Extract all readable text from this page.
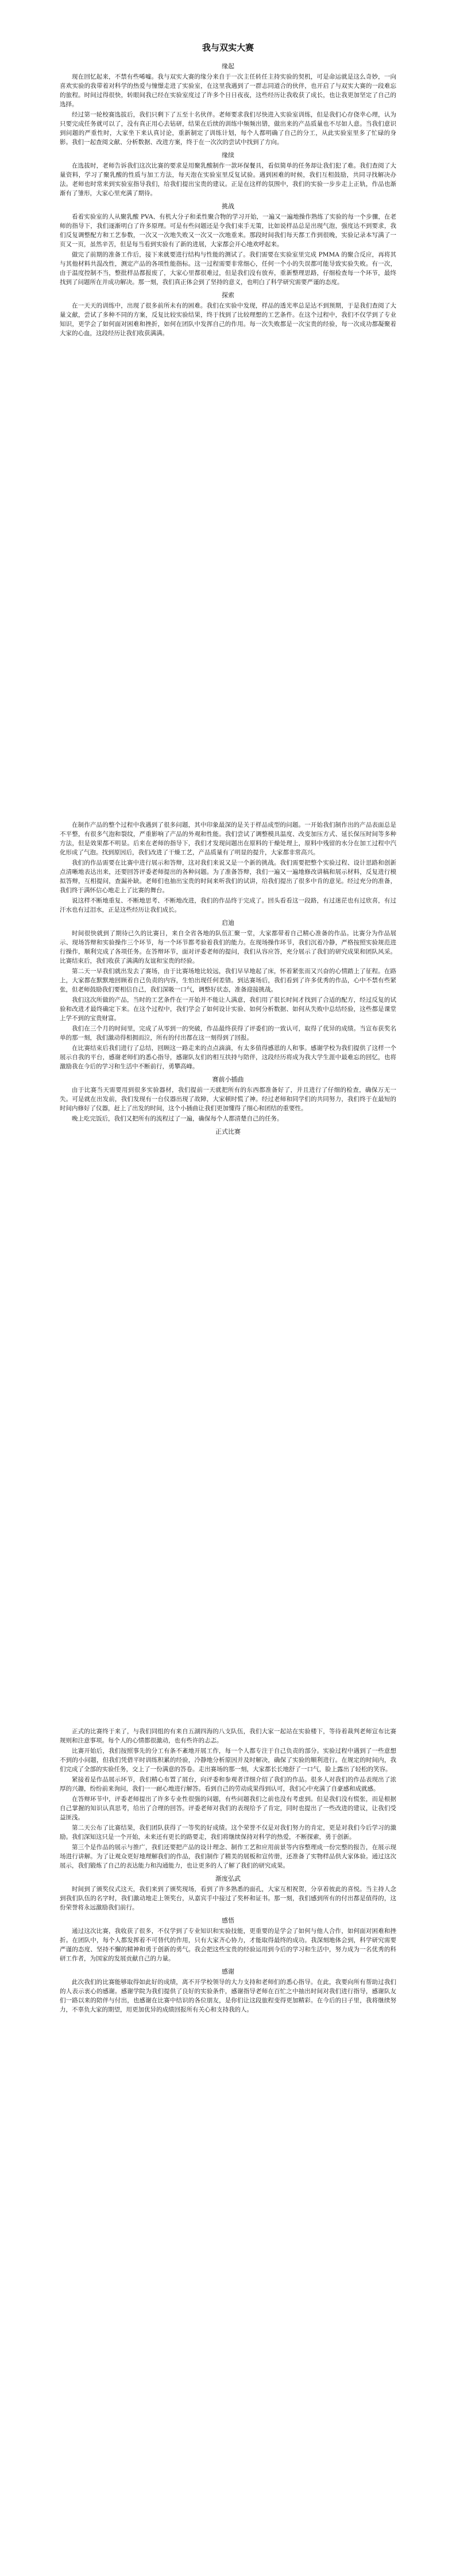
我与双实大赛
缘起

现在回忆起来，不禁有些唏嘘。我与双实大赛的缘分来自于一次主任转任主持实验的契机，可是命运就是这么奇妙，一向喜欢实验的我带着对科学的热爱与憧憬走进了实验室，在这里我遇到了一群志同道合的伙伴，也开启了与双实大赛的一段难忘的旅程。时间过得很快，转眼间我已经在实验室度过了许多个日日夜夜，这些经历让我收获了成长，也让我更加坚定了自己的选择。

经过第一轮校赛选拔后，我们只剩下了五至十名伙伴。老师要求我们尽快进入实验室训练，但是我们心存侥幸心理，认为只要完成任务就可以了，没有真正用心去钻研，结果在后续的训练中频频出错，做出来的产品质量也不尽如人意。当我们意识到问题的严重性时，大家坐下来认真讨论，重新制定了训练计划，每个人都明确了自己的分工，从此实验室里多了忙碌的身影。我们一起查阅文献、分析数据、改进方案，终于在一次次的尝试中找到了方向。

缘续

在选拔时，老师告诉我们这次比赛的要求是用聚乳酸制作一款环保餐具，看似简单的任务却让我们犯了难。我们查阅了大量资料，学习了聚乳酸的性质与加工方法，每天泡在实验室里反复试验。遇到困难的时候，我们互相鼓励，共同寻找解决办法。老师也时常来到实验室指导我们，给我们提出宝贵的建议。正是在这样的氛围中，我们的实验一步步走上正轨，作品也渐渐有了雏形，大家心里充满了期待。

挑战

看着实验室的人从聚乳酸 PVA、有机大分子和柔性聚合物的学习开始，一遍又一遍地操作熟练了实验的每一个步骤，在老师的指导下，我们逐渐明白了许多原理。可是有些问题还是令我们束手无策，比如说样品总是出现气泡，强度达不到要求，我们反复调整配方和工艺参数，一次又一次地失败又一次又一次地重来。那段时间我们每天都工作到很晚，实验记录本写满了一页又一页，虽然辛苦，但是每当看到实验有了新的进展，大家都会开心地欢呼起来。

做完了前期的准备工作后，接下来就要进行结构与性能的测试了。我们需要在实验室里完成 PMMA 的聚合反应，再将其与其他材料共混改性，测定产品的各项性能指标。这一过程需要非常细心，任何一个小的失误都可能导致实验失败。有一次，由于温度控制不当，整批样品都报废了，大家心里都很难过，但是我们没有放弃，重新整理思路，仔细检查每一个环节，最终找到了问题所在并成功解决。那一刻，我们真正体会到了坚持的意义，也明白了科学研究需要严谨的态度。

探索

在一天天的训练中，出现了很多前所未有的困难。我们在实验中发现，样品的透光率总是达不到预期，于是我们查阅了大量文献，尝试了多种不同的方案，反复比较实验结果，终于找到了比较理想的工艺条件。在这个过程中，我们不仅学到了专业知识，更学会了如何面对困难和挫折，如何在团队中发挥自己的作用。每一次失败都是一次宝贵的经验，每一次成功都凝聚着大家的心血，这段经历让我们收获满满。

在制作产品的整个过程中我遇到了很多问题，其中印象最深的是关于样品成型的问题。一开始我们制作出的产品表面总是不平整，有很多气泡和裂纹，严重影响了产品的外观和性能。我们尝试了调整模具温度、改变加压方式、延长保压时间等多种方法，但是效果都不明显。后来在老师的指导下，我们才发现问题出在原料的干燥处理上，原料中残留的水分在加工过程中汽化形成了气泡。找到原因后，我们改进了干燥工艺，产品质量有了明显的提升，大家都非常高兴。

我们的作品需要在比赛中进行展示和答辩，这对我们来说又是一个新的挑战。我们需要把整个实验过程、设计思路和创新点清晰地表达出来，还要回答评委老师提出的各种问题。为了准备答辩，我们一遍又一遍地修改讲稿和展示材料，反复进行模拟答辩，互相提问，查漏补缺。老师们也抽出宝贵的时间来听我们的试讲，给我们提出了很多中肯的意见。经过充分的准备，我们终于满怀信心地走上了比赛的舞台。

说这样不断地重复、不断地思考、不断地改进，我们的作品终于完成了。回头看看这一段路，有过迷茫也有过欣喜，有过汗水也有过泪水，正是这些经历让我们成长。

启迪

时间很快就到了期待已久的比赛日，来自全省各地的队伍汇聚一堂，大家都带着自己精心准备的作品。比赛分为作品展示、现场答辩和实验操作三个环节，每一个环节都考验着我们的能力。在现场操作环节，我们沉着冷静，严格按照实验规范进行操作，顺利完成了各项任务。在答辩环节，面对评委老师的提问，我们从容应答，充分展示了我们的研究成果和团队风采。比赛结束后，我们收获了满满的友谊和宝贵的经验。

第二天一早我们就出发去了赛场，由于比赛场地比较远，我们早早地起了床，怀着紧张而又兴奋的心情踏上了征程。在路上，大家都在默默地回顾着自己负责的内容，生怕出现任何差错。到达赛场后，我们看到了许多优秀的作品，心中不禁有些紧张，但老师鼓励我们要相信自己，我们深吸一口气，调整好状态，准备迎接挑战。

我们这次所做的产品，当时的工艺条件在一开始并不能让人满意，我们用了很长时间才找到了合适的配方，经过反复的试验和改进才最终确定下来。在这个过程中，我们学会了如何设计实验、如何分析数据、如何从失败中总结经验，这些都是课堂上学不到的宝贵财富。

我们在三个月的时间里，完成了从零到一的突破，作品最终获得了评委们的一致认可，取得了优异的成绩。当宣布获奖名单的那一刻，我们激动得相拥而泣，所有的付出都在这一刻得到了回报。

在比赛结束后我们进行了总结，回顾这一路走来的点点滴滴，有太多值得感恩的人和事。感谢学校为我们提供了这样一个展示自我的平台，感谢老师们的悉心指导，感谢队友们的相互扶持与陪伴，这段经历将成为我大学生涯中最难忘的回忆，也将激励我在今后的学习和生活中不断前行，勇攀高峰。

赛前小插曲

由于比赛当天需要用到很多实验器材，我们提前一天就把所有的东西都准备好了，并且进行了仔细的检查，确保万无一失。可是就在出发前，我们发现有一台仪器出现了故障，大家顿时慌了神。经过老师和同学们的共同努力，我们终于在最短的时间内修好了仪器，赶上了出发的时间，这个小插曲让我们更加懂得了细心和团结的重要性。

晚上吃完饭后，我们又把所有的流程过了一遍，确保每个人都清楚自己的任务。

正式比赛

正式的比赛终于来了，与我们同组的有来自五湖四海的八支队伍，我们大家一起站在实验楼下，等待着裁判老师宣布比赛规则和注意事项。每个人的心情都很激动，也有些许的忐忑。

比赛开始后，我们按照事先的分工有条不紊地开展工作，每一个人都专注于自己负责的部分。实验过程中遇到了一些意想不到的小问题，但我们凭借平时训练积累的经验，冷静地分析原因并及时解决，确保了实验的顺利进行。在规定的时间内，我们完成了全部的实验任务，交上了一份满意的答卷。走出赛场的那一刻，大家都长长地舒了一口气，脸上露出了轻松的笑容。

紧接着是作品展示环节，我们精心布置了展台，向评委和参观者详细介绍了我们的作品。很多人对我们的作品表现出了浓厚的兴趣，纷纷前来询问，我们一一耐心地进行解答。看到自己的劳动成果得到认可，我们心中充满了自豪感和成就感。

在答辩环节中，评委老师提出了许多专业性很强的问题，有些问题我们之前也没有考虑到。但是我们没有慌张，而是根据自己掌握的知识认真思考，给出了合理的回答。评委老师对我们的表现给予了肯定，同时也提出了一些改进的建议，让我们受益匪浅。

第二天公布了比赛结果，我们团队获得了一等奖的好成绩。这个荣誉不仅是对我们努力的肯定，更是对我们今后学习的激励。我们深知这只是一个开始，未来还有更长的路要走，我们将继续保持对科学的热爱，不断探索，勇于创新。

第三个是作品的展示与推广，我们还要把产品的设计理念、制作工艺和应用前景等内容整理成一份完整的报告，在展示现场进行讲解。为了让观众更好地理解我们的作品，我们制作了精美的展板和宣传册，还准备了实物样品供大家体验。通过这次展示，我们锻炼了自己的表达能力和沟通能力，也让更多的人了解了我们的研究成果。

渐度弘武

时间到了颁奖仪式这天，我们来到了颁奖现场，看到了许多熟悉的面孔，大家互相祝贺，分享着彼此的喜悦。当主持人念到我们队伍的名字时，我们激动地走上领奖台，从嘉宾手中接过了奖杯和证书。那一刻，我们感到所有的付出都是值得的，这份荣誉将永远激励我们前行。

感悟

通过这次比赛，我收获了很多，不仅学到了专业知识和实验技能，更重要的是学会了如何与他人合作，如何面对困难和挫折。在团队中，每个人都发挥着不可替代的作用，只有大家齐心协力，才能取得最终的成功。我深刻地体会到，科学研究需要严谨的态度、坚持不懈的精神和勇于创新的勇气。我会把这些宝贵的经验运用到今后的学习和生活中，努力成为一名优秀的科研工作者，为国家的发展贡献自己的力量。

感谢

此次我们的比赛能够取得如此好的成绩，离不开学校领导的大力支持和老师们的悉心指导。在此，我要向所有帮助过我们的人表示衷心的感谢。感谢学院为我们提供了良好的实验条件，感谢指导老师在百忙之中抽出时间对我们进行指导，感谢队友们一路以来的陪伴与付出，也感谢在比赛中结识的各位朋友，是你们让这段旅程变得更加精彩。在今后的日子里，我将继续努力，不辜负大家的期望，用更加优异的成绩回报所有关心和支持我的人。
